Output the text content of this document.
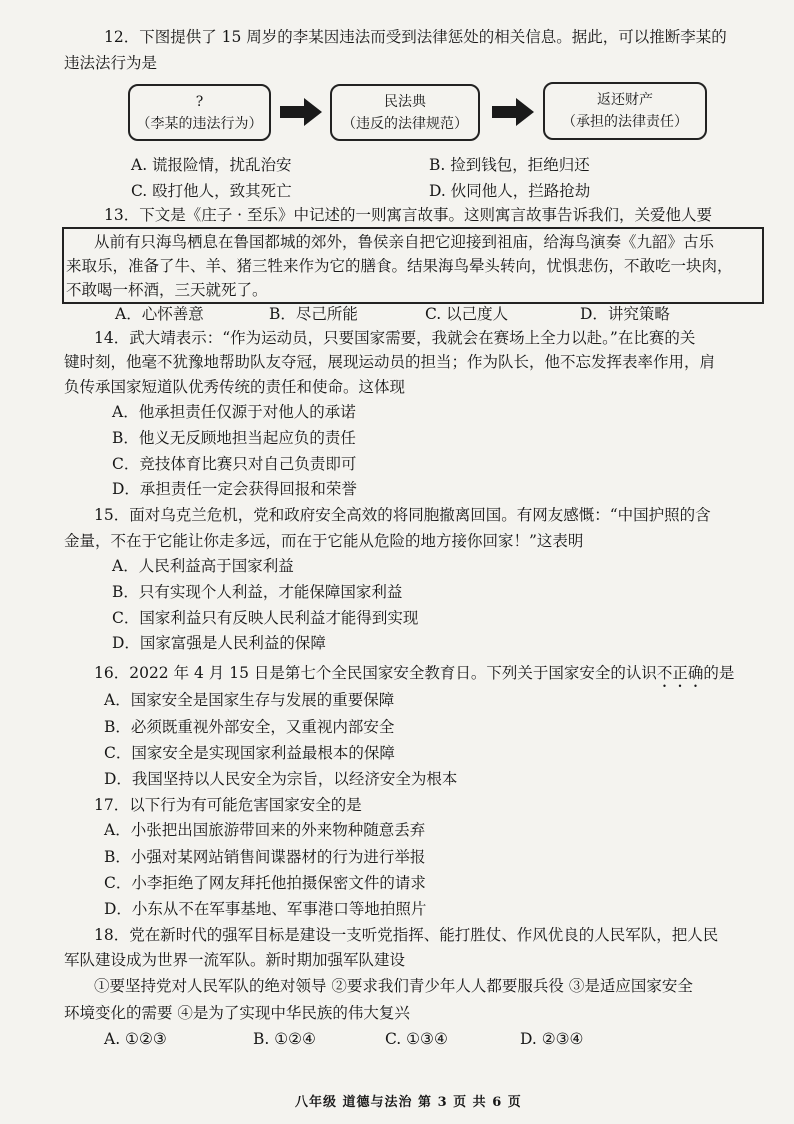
12．下图提供了 15 周岁的李某因违法而受到法律惩处的相关信息。据此，可以推断李某的
违法法行为是
?
（李某的违法行为）
民法典
（违反的法律规范）
返还财产
（承担的法律责任）
A. 谎报险情，扰乱治安	B. 捡到钱包，拒绝归还
C. 殴打他人，致其死亡	D. 伙同他人，拦路抢劫
13．下文是《庄子 · 至乐》中记述的一则寓言故事。这则寓言故事告诉我们，关爱他人要
从前有只海鸟栖息在鲁国都城的郊外，鲁侯亲自把它迎接到祖庙，给海鸟演奏《九韶》古乐
来取乐，准备了牛、羊、猪三牲来作为它的膳食。结果海鸟晕头转向，忧惧悲伤，不敢吃一块肉，
不敢喝一杯酒，三天就死了。
A．心怀善意	B．尽己所能	C. 以己度人	D．讲究策略
14．武大靖表示：“作为运动员，只要国家需要，我就会在赛场上全力以赴。”在比赛的关
键时刻，他毫不犹豫地帮助队友夺冠，展现运动员的担当；作为队长，他不忘发挥表率作用，肩
负传承国家短道队优秀传统的责任和使命。这体现
A．他承担责任仅源于对他人的承诺
B．他义无反顾地担当起应负的责任
C．竞技体育比赛只对自己负责即可
D．承担责任一定会获得回报和荣誉
15．面对乌克兰危机，党和政府安全高效的将同胞撤离回国。有网友感慨：“中国护照的含
金量，不在于它能让你走多远，而在于它能从危险的地方接你回家！”这表明
A．人民利益高于国家利益
B．只有实现个人利益，才能保障国家利益
C．国家利益只有反映人民利益才能得到实现
D．国家富强是人民利益的保障
16．2022 年 4 月 15 日是第七个全民国家安全教育日。下列关于国家安全的认识不正确的是
A．国家安全是国家生存与发展的重要保障
B．必须既重视外部安全，又重视内部安全
C．国家安全是实现国家利益最根本的保障
D．我国坚持以人民安全为宗旨，以经济安全为根本
17．以下行为有可能危害国家安全的是
A．小张把出国旅游带回来的外来物种随意丢弃
B．小强对某网站销售间谍器材的行为进行举报
C．小李拒绝了网友拜托他拍摄保密文件的请求
D．小东从不在军事基地、军事港口等地拍照片
18．党在新时代的强军目标是建设一支听党指挥、能打胜仗、作风优良的人民军队，把人民
军队建设成为世界一流军队。新时期加强军队建设
①要坚持党对人民军队的绝对领导 ②要求我们青少年人人都要服兵役 ③是适应国家安全
环境变化的需要 ④是为了实现中华民族的伟大复兴
A. ①②③	B. ①②④	C. ①③④	D. ②③④
八年级 道德与法治 第 3 页 共 6 页
